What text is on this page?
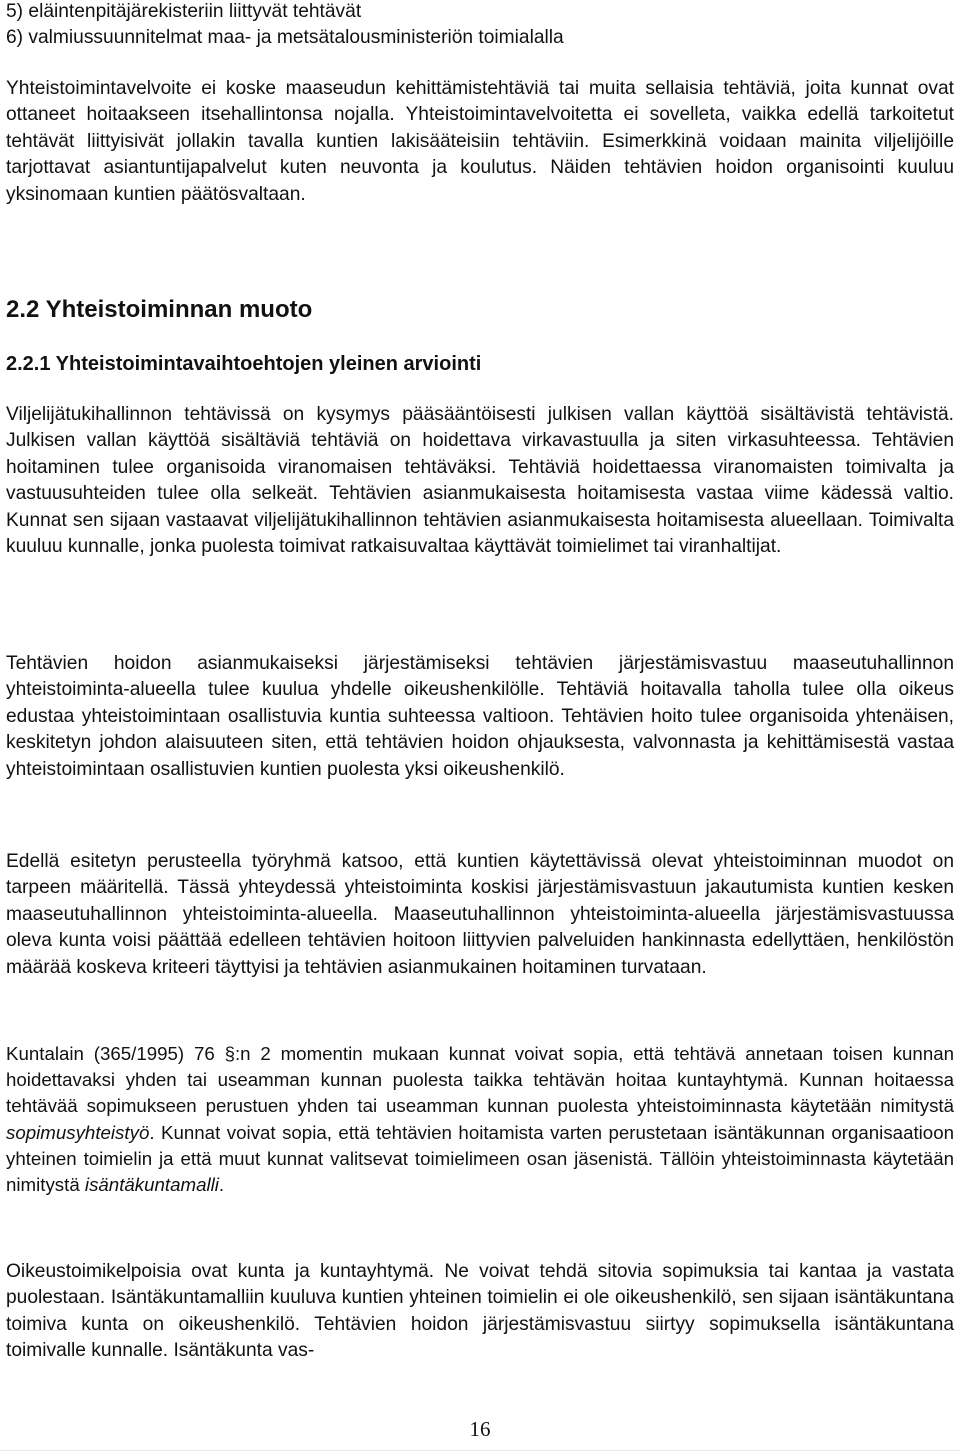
5) eläintenpitäjärekisteriin liittyvät tehtävät
6) valmiussuunnitelmat maa- ja metsätalousministeriön toimialalla

Yhteistoimintavelvoite ei koske maaseudun kehittämistehtäviä tai muita sellaisia tehtäviä, joita kunnat ovat ottaneet hoitaakseen itsehallintonsa nojalla. Yhteistoimintavelvoitetta ei sovelleta, vaikka edellä tarkoitetut tehtävät liittyisivät jollakin tavalla kuntien lakisääteisiin tehtäviin. Esimerkkinä voidaan mainita viljelijöille tarjottavat asiantuntijapalvelut kuten neuvonta ja koulutus. Näiden tehtävien hoidon organisointi kuuluu yksinomaan kuntien päätösvaltaan.

2.2 Yhteistoiminnan muoto
2.2.1 Yhteistoimintavaihtoehtojen yleinen arviointi

Viljelijätukihallinnon tehtävissä on kysymys pääsääntöisesti julkisen vallan käyttöä sisältävistä tehtävistä. Julkisen vallan käyttöä sisältäviä tehtäviä on hoidettava virkavastuulla ja siten virkasuhteessa. Tehtävien hoitaminen tulee organisoida viranomaisen tehtäväksi. Tehtäviä hoidettaessa viranomaisten toimivalta ja vastuusuhteiden tulee olla selkeät. Tehtävien asianmukaisesta hoitamisesta vastaa viime kädessä valtio. Kunnat sen sijaan vastaavat viljelijätukihallinnon tehtävien asianmukaisesta hoitamisesta alueellaan. Toimivalta kuuluu kunnalle, jonka puolesta toimivat ratkaisuvaltaa käyttävät toimielimet tai viranhaltijat.

Tehtävien hoidon asianmukaiseksi järjestämiseksi tehtävien järjestämisvastuu maaseutuhallinnon yhteistoiminta-alueella tulee kuulua yhdelle oikeushenkilölle. Tehtäviä hoitavalla taholla tulee olla oikeus edustaa yhteistoimintaan osallistuvia kuntia suhteessa valtioon. Tehtävien hoito tulee organisoida yhtenäisen, keskitetyn johdon alaisuuteen siten, että tehtävien hoidon ohjauksesta, valvonnasta ja kehittämisestä vastaa yhteistoimintaan osallistuvien kuntien puolesta yksi oikeushenkilö.

Edellä esitetyn perusteella työryhmä katsoo, että kuntien käytettävissä olevat yhteistoiminnan muodot on tarpeen määritellä. Tässä yhteydessä yhteistoiminta koskisi järjestämisvastuun jakautumista kuntien kesken maaseutuhallinnon yhteistoiminta-alueella. Maaseutuhallinnon yhteistoiminta-alueella järjestämisvastuussa oleva kunta voisi päättää edelleen tehtävien hoitoon liittyvien palveluiden hankinnasta edellyttäen, henkilöstön määrää koskeva kriteeri täyttyisi ja tehtävien asianmukainen hoitaminen turvataan.

Kuntalain (365/1995) 76 §:n 2 momentin mukaan kunnat voivat sopia, että tehtävä annetaan toisen kunnan hoidettavaksi yhden tai useamman kunnan puolesta taikka tehtävän hoitaa kuntayhtymä. Kunnan hoitaessa tehtävää sopimukseen perustuen yhden tai useamman kunnan puolesta yhteistoiminnasta käytetään nimitystä sopimusyhteistyö. Kunnat voivat sopia, että tehtävien hoitamista varten perustetaan isäntäkunnan organisaatioon yhteinen toimielin ja että muut kunnat valitsevat toimielimeen osan jäsenistä. Tällöin yhteistoiminnasta käytetään nimitystä isäntäkuntamalli.

Oikeustoimikelpoisia ovat kunta ja kuntayhtymä. Ne voivat tehdä sitovia sopimuksia tai kantaa ja vastata puolestaan. Isäntäkuntamalliin kuuluva kuntien yhteinen toimielin ei ole oikeushenkilö, sen sijaan isäntäkuntana toimiva kunta on oikeushenkilö. Tehtävien hoidon järjestämisvastuu siirtyy sopimuksella isäntäkuntana toimivalle kunnalle. Isäntäkunta vas-

16
